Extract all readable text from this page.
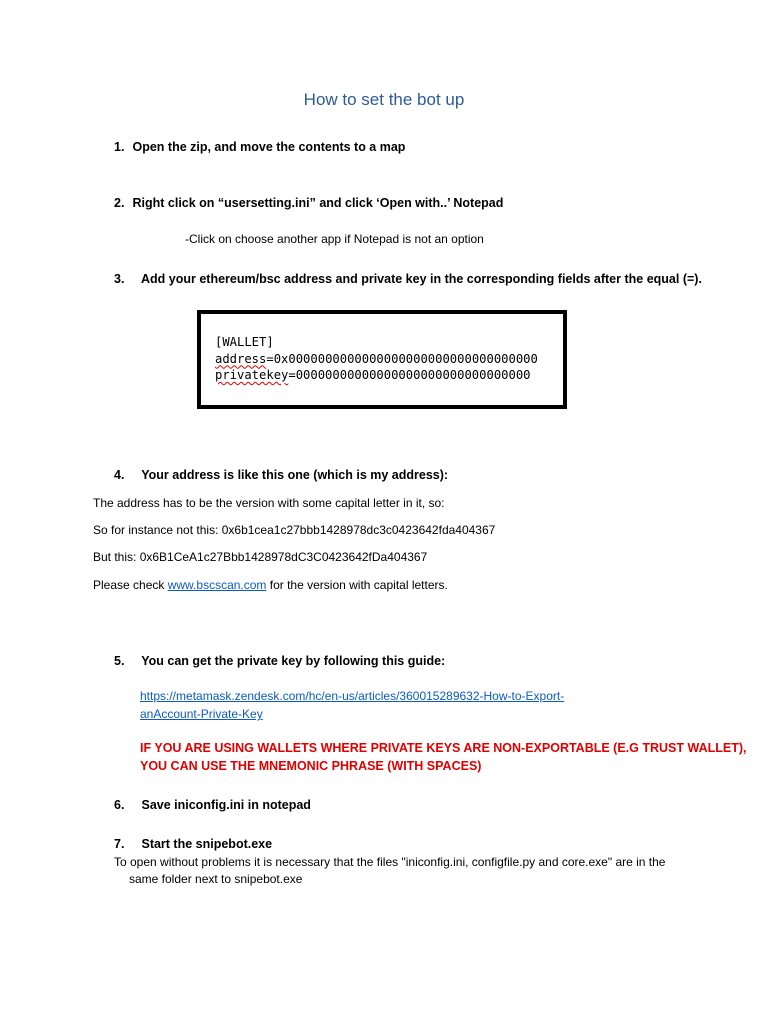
How to set the bot up
1. Open the zip, and move the contents to a map
2. Right click on “usersetting.ini” and click ‘Open with..’ Notepad
-Click on choose another app if Notepad is not an option
3. Add your ethereum/bsc address and private key in the corresponding fields after the equal (=).
[WALLET]
address=0x0000000000000000000000000000000000
privatekey=00000000000000000000000000000000
4. Your address is like this one (which is my address):
The address has to be the version with some capital letter in it, so:
So for instance not this: 0x6b1cea1c27bbb1428978dc3c0423642fda404367
But this: 0x6B1CeA1c27Bbb1428978dC3C0423642fDa404367
Please check www.bscscan.com for the version with capital letters.
5. You can get the private key by following this guide:
https://metamask.zendesk.com/hc/en-us/articles/360015289632-How-to-Export-
anAccount-Private-Key
IF YOU ARE USING WALLETS WHERE PRIVATE KEYS ARE NON-EXPORTABLE (E.G TRUST WALLET),
YOU CAN USE THE MNEMONIC PHRASE (WITH SPACES)
6. Save iniconfig.ini in notepad
7. Start the snipebot.exe
To open without problems it is necessary that the files "iniconfig.ini, configfile.py and core.exe" are in the
same folder next to snipebot.exe
